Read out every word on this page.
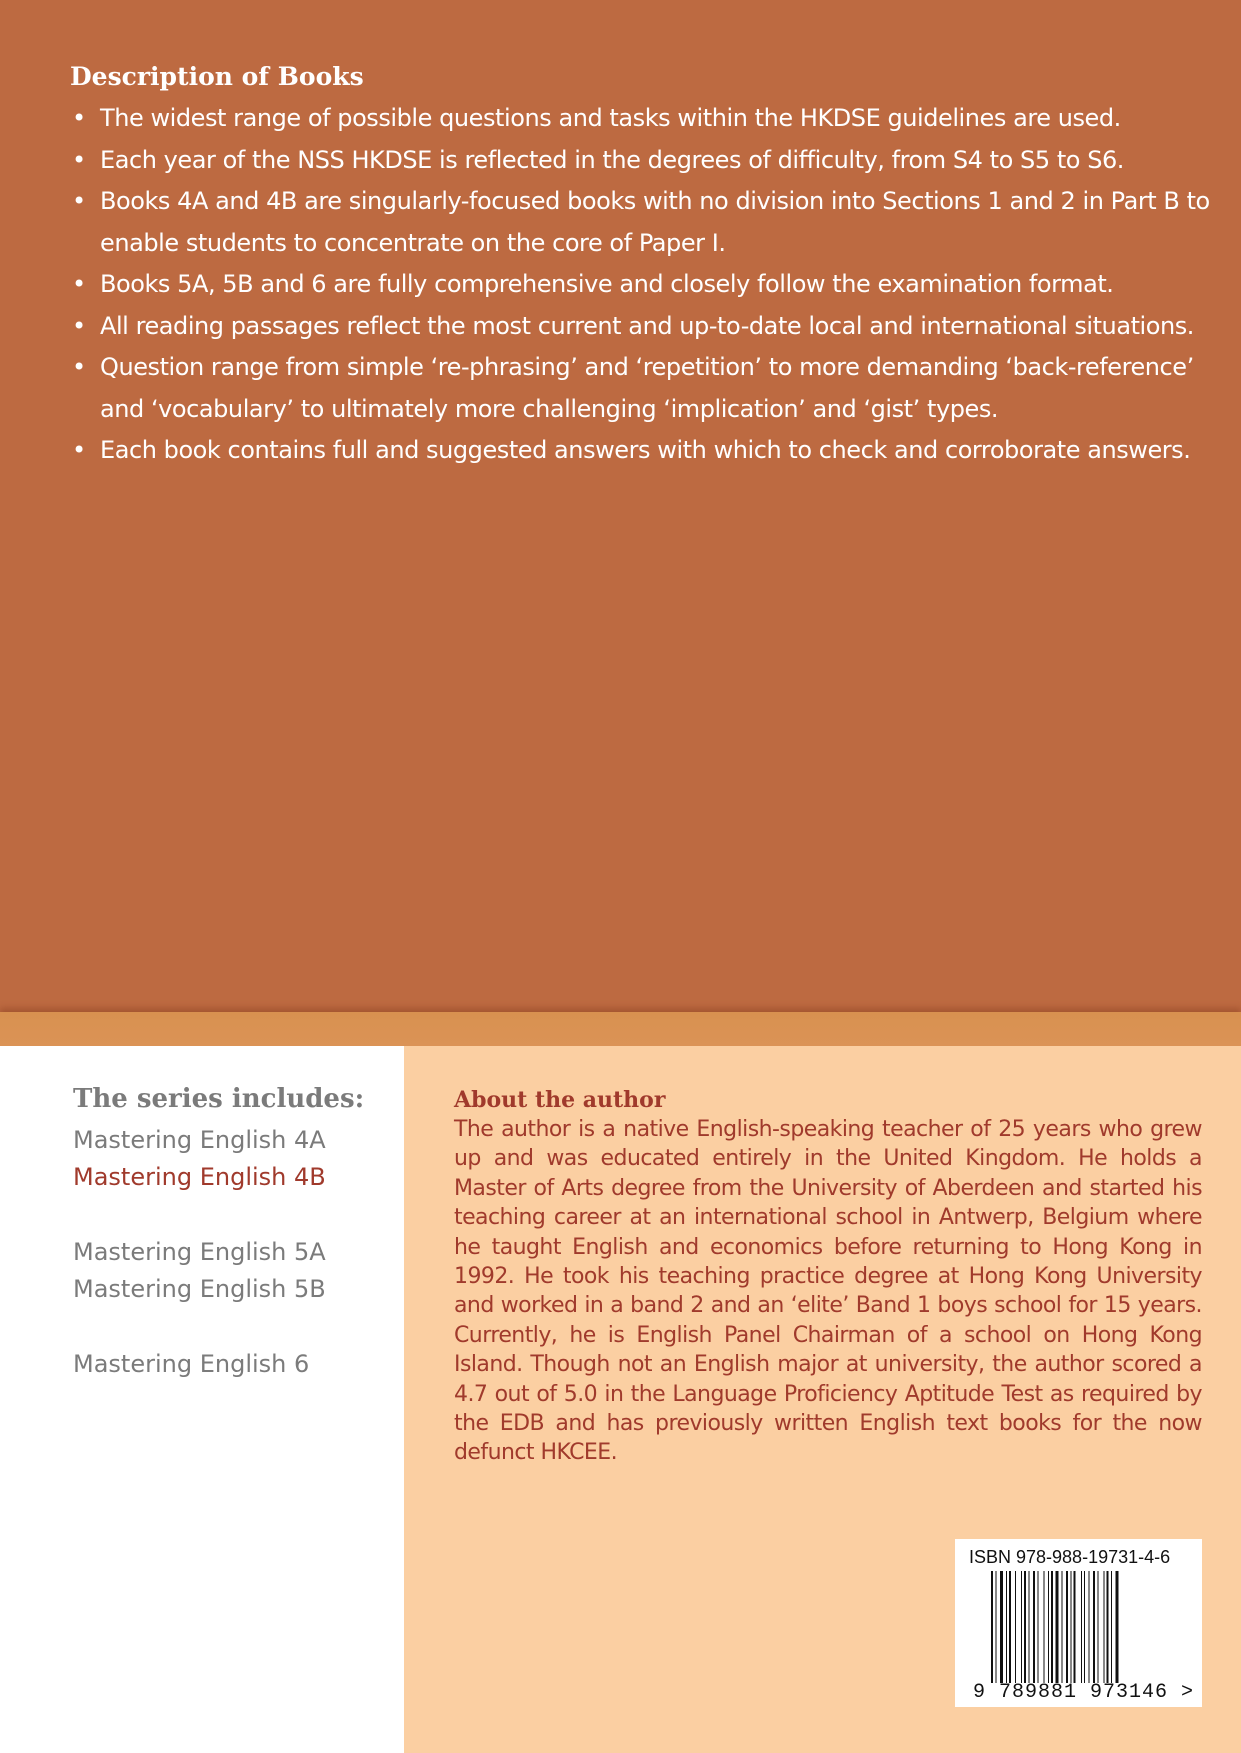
Description of Books
• The widest range of possible questions and tasks within the HKDSE guidelines are used.
• Each year of the NSS HKDSE is reflected in the degrees of difficulty, from S4 to S5 to S6.
• Books 4A and 4B are singularly-focused books with no division into Sections 1 and 2 in Part B to enable students to concentrate on the core of Paper I.
• Books 5A, 5B and 6 are fully comprehensive and closely follow the examination format.
• All reading passages reflect the most current and up-to-date local and international situations.
• Question range from simple ‘re-phrasing’ and ‘repetition’ to more demanding ‘back-reference’ and ‘vocabulary’ to ultimately more challenging ‘implication’ and ‘gist’ types.
• Each book contains full and suggested answers with which to check and corroborate answers.
The series includes:

Mastering English 4A

Mastering English 4B

Mastering English 5A

Mastering English 5B

Mastering English 6

About the author

The author is a native English-speaking teacher of 25 years who grew up and was educated entirely in the United Kingdom. He holds a Master of Arts degree from the University of Aberdeen and started his teaching career at an international school in Antwerp, Belgium where he taught English and economics before returning to Hong Kong in 1992. He took his teaching practice degree at Hong Kong University and worked in a band 2 and an ‘elite’ Band 1 boys school for 15 years. Currently, he is English Panel Chairman of a school on Hong Kong Island. Though not an English major at university, the author scored a 4.7 out of 5.0 in the Language Proficiency Aptitude Test as required by the EDB and has previously written English text books for the now defunct HKCEE.

ISBN 978-988-19731-4-6

9 789881 973146 >
